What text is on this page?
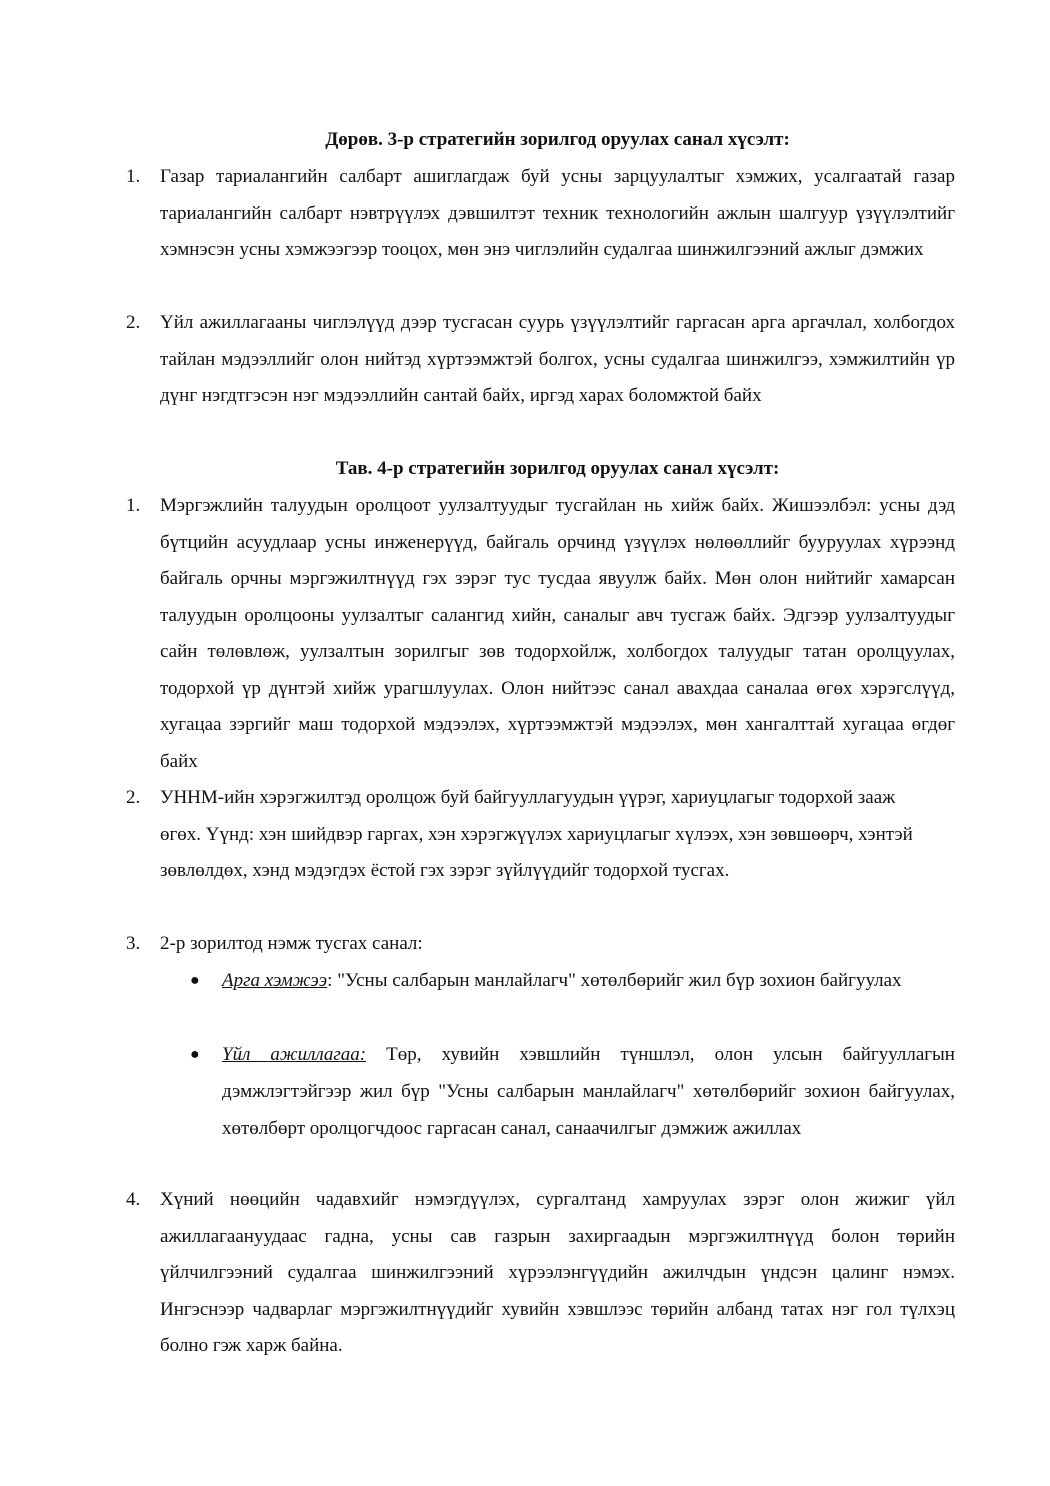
Дөрөв. 3-р стратегийн зорилгод оруулах санал хүсэлт:
1. Газар тариалангийн салбарт ашиглагдаж буй усны зарцуулалтыг хэмжих, усалгаатай газар тариалангийн салбарт нэвтрүүлэх дэвшилтэт техник технологийн ажлын шалгуур үзүүлэлтийг хэмнэсэн усны хэмжээгээр тооцох, мөн энэ чиглэлийн судалгаа шинжилгээний ажлыг дэмжих

2. Үйл ажиллагааны чиглэлүүд дээр тусгасан суурь үзүүлэлтийг гаргасан арга аргачлал, холбогдох тайлан мэдээллийг олон нийтэд хүртээмжтэй болгох, усны судалгаа шинжилгээ, хэмжилтийн үр дүнг нэгдтгэсэн нэг мэдээллийн сантай байх, иргэд харах боломжтой байх

Тав. 4-р стратегийн зорилгод оруулах санал хүсэлт:
1. Мэргэжлийн талуудын оролцоот уулзалтуудыг тусгайлан нь хийж байх. Жишээлбэл: усны дэд бүтцийн асуудлаар усны инженерүүд, байгаль орчинд үзүүлэх нөлөөллийг бууруулах хүрээнд байгаль орчны мэргэжилтнүүд гэх зэрэг тус тусдаа явуулж байх. Мөн олон нийтийг хамарсан талуудын оролцооны уулзалтыг салангид хийн, саналыг авч тусгаж байх. Эдгээр уулзалтуудыг сайн төлөвлөж, уулзалтын зорилгыг зөв тодорхойлж, холбогдох талуудыг татан оролцуулах, тодорхой үр дүнтэй хийж урагшлуулах. Олон нийтээс санал авахдаа саналаа өгөх хэрэгслүүд, хугацаа зэргийг маш тодорхой мэдээлэх, хүртээмжтэй мэдээлэх, мөн хангалттай хугацаа өгдөг байх

2. УННМ-ийн хэрэгжилтэд оролцож буй байгууллагуудын үүрэг, хариуцлагыг тодорхой зааж өгөх. Үүнд: хэн шийдвэр гаргах, хэн хэрэгжүүлэх хариуцлагыг хүлээх, хэн зөвшөөрч, хэнтэй зөвлөлдөх, хэнд мэдэгдэх ёстой гэх зэрэг зүйлүүдийг тодорхой тусгах.

3. 2-р зорилтод нэмж тусгах санал:

● Арга хэмжээ: "Усны салбарын манлайлагч" хөтөлбөрийг жил бүр зохион байгуулах

● Үйл ажиллагаа: Төр, хувийн хэвшлийн түншлэл, олон улсын байгууллагын дэмжлэгтэйгээр жил бүр "Усны салбарын манлайлагч" хөтөлбөрийг зохион байгуулах, хөтөлбөрт оролцогчдоос гаргасан санал, санаачилгыг дэмжиж ажиллах

4. Хүний нөөцийн чадавхийг нэмэгдүүлэх, сургалтанд хамруулах зэрэг олон жижиг үйл ажиллагаануудаас гадна, усны сав газрын захиргаадын мэргэжилтнүүд болон төрийн үйлчилгээний судалгаа шинжилгээний хүрээлэнгүүдийн ажилчдын үндсэн цалинг нэмэх. Ингэснээр чадварлаг мэргэжилтнүүдийг хувийн хэвшлээс төрийн албанд татах нэг гол түлхэц болно гэж харж байна.
